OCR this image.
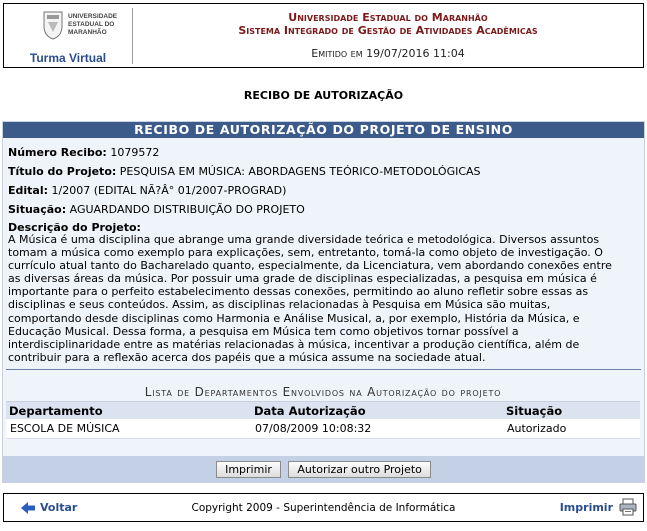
UNIVERSIDADE
ESTADUAL DO
MARANHÃO
Turma Virtual
Universidade Estadual do Maranhão
Sistema Integrado de Gestão de Atividades Acadêmicas
Emitido em 19/07/2016 11:04
RECIBO DE AUTORIZAÇÃO
RECIBO DE AUTORIZAÇÃO DO PROJETO DE ENSINO
Número Recibo: 1079572
Título do Projeto: PESQUISA EM MÚSICA: ABORDAGENS TEÓRICO-METODOLÓGICAS
Edital: 1/2007 (EDITAL NÃ?Â° 01/2007-PROGRAD)
Situação: AGUARDANDO DISTRIBUIÇÃO DO PROJETO
Descrição do Projeto:
A Música é uma disciplina que abrange uma grande diversidade teórica e metodológica. Diversos assuntos
tomam a música como exemplo para explicações, sem, entretanto, tomá-la como objeto de investigação. O
currículo atual tanto do Bacharelado quanto, especialmente, da Licenciatura, vem abordando conexões entre
as diversas áreas da música. Por possuir uma grade de disciplinas especializadas, a pesquisa em música é
importante para o perfeito estabelecimento dessas conexões, permitindo ao aluno refletir sobre essas as
disciplinas e seus conteúdos. Assim, as disciplinas relacionadas à Pesquisa em Música são muitas,
comportando desde disciplinas como Harmonia e Análise Musical, a, por exemplo, História da Música, e
Educação Musical. Dessa forma, a pesquisa em Música tem como objetivos tornar possível a
interdisciplinaridade entre as matérias relacionadas à música, incentivar a produção científica, além de
contribuir para a reflexão acerca dos papéis que a música assume na sociedade atual.
Lista de Departamentos Envolvidos na Autorização do projeto
Departamento	Data Autorização	Situação
ESCOLA DE MÚSICA	07/08/2009 10:08:32	Autorizado
Imprimir Autorizar outro Projeto
Voltar	Copyright 2009 - Superintendência de Informática	Imprimir
